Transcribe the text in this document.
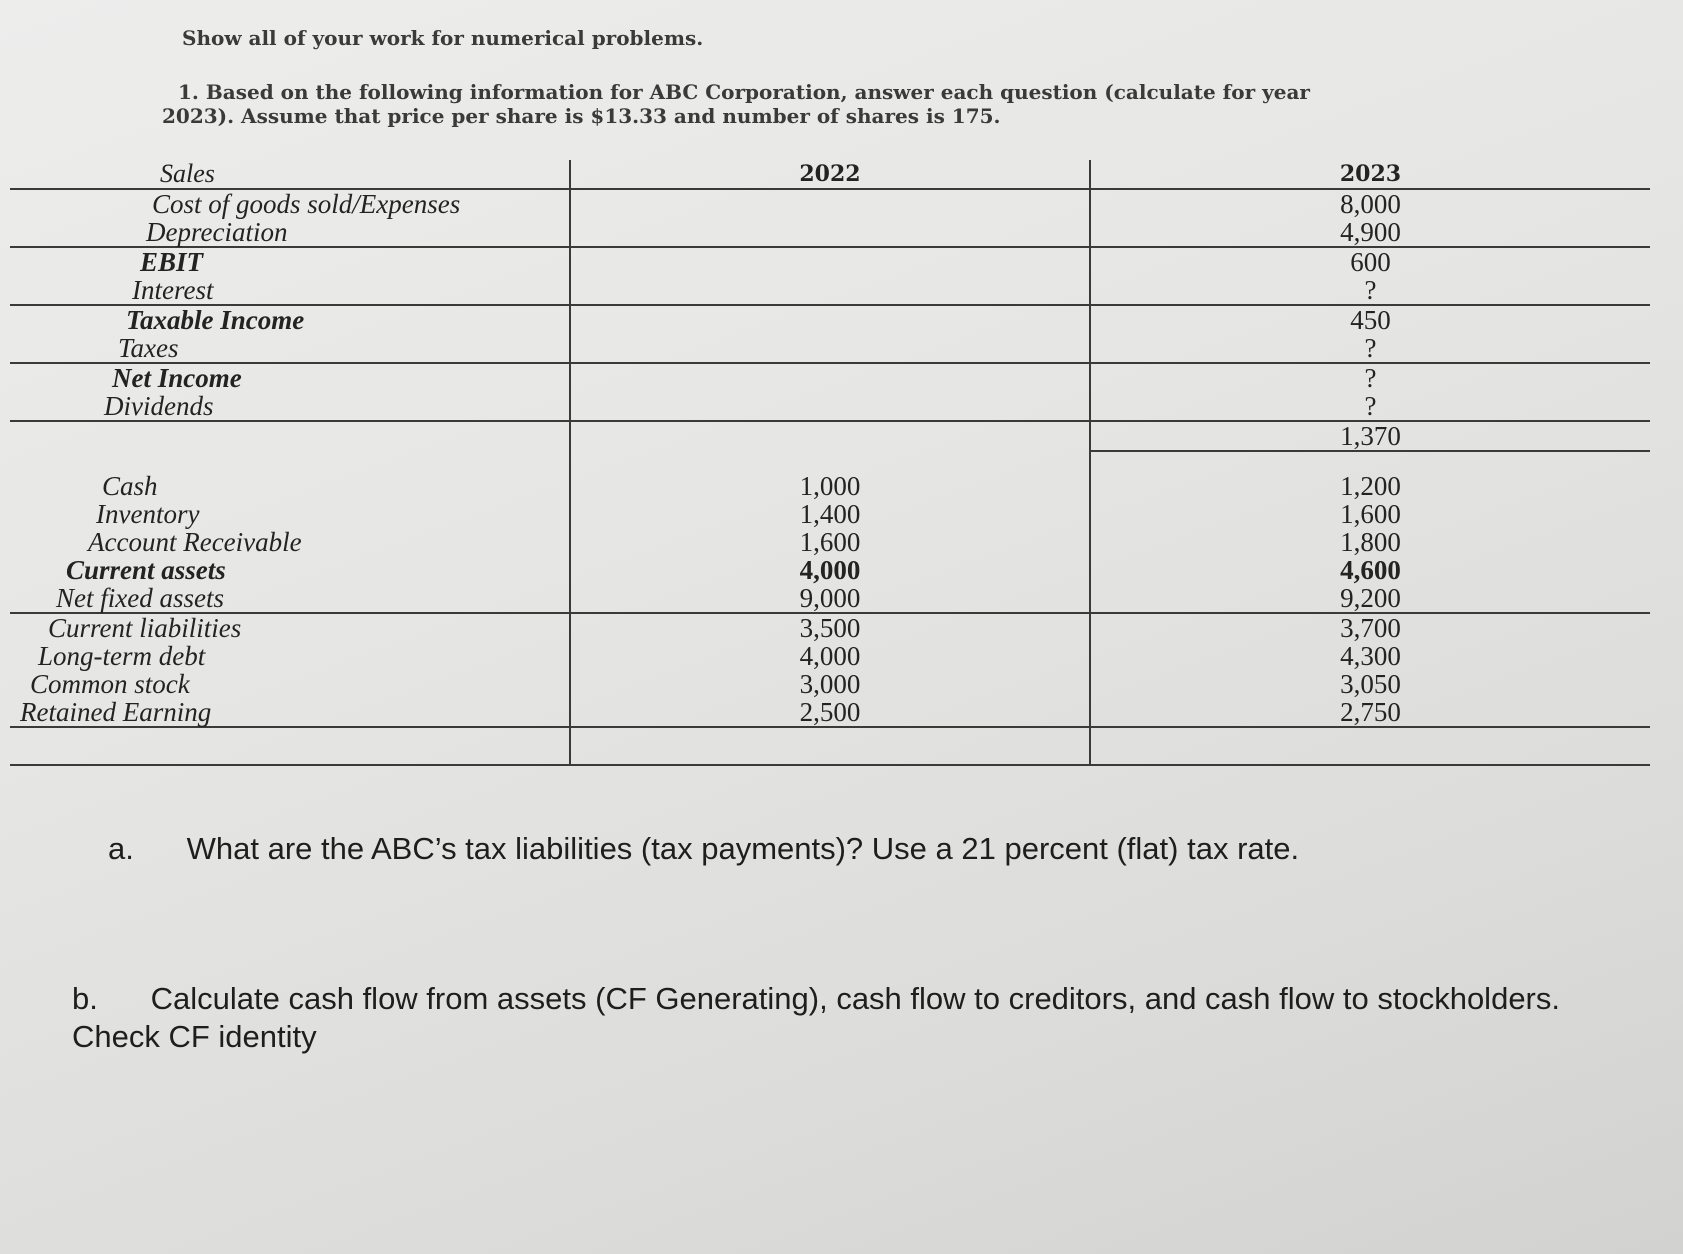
Show all of your work for numerical problems.
1. Based on the following information for ABC Corporation, answer each question (calculate for year
2023). Assume that price per share is $13.33 and number of shares is 175.
Sales	2022	2023
Cost of goods sold/Expenses		8,000
Depreciation		4,900
EBIT		600
Interest		?
Taxable Income		450
Taxes		?
Net Income		?
Dividends		?
		1,370

Cash	1,000	1,200
Inventory	1,400	1,600
Account Receivable	1,600	1,800
Current assets	4,000	4,600
Net fixed assets	9,000	9,200
Current liabilities	3,500	3,700
Long-term debt	4,000	4,300
Common stock	3,000	3,050
Retained Earning	2,500	2,750

a. What are the ABC’s tax liabilities (tax payments)? Use a 21 percent (flat) tax rate.
b. Calculate cash flow from assets (CF Generating), cash flow to creditors, and cash flow to stockholders. Check CF identity
